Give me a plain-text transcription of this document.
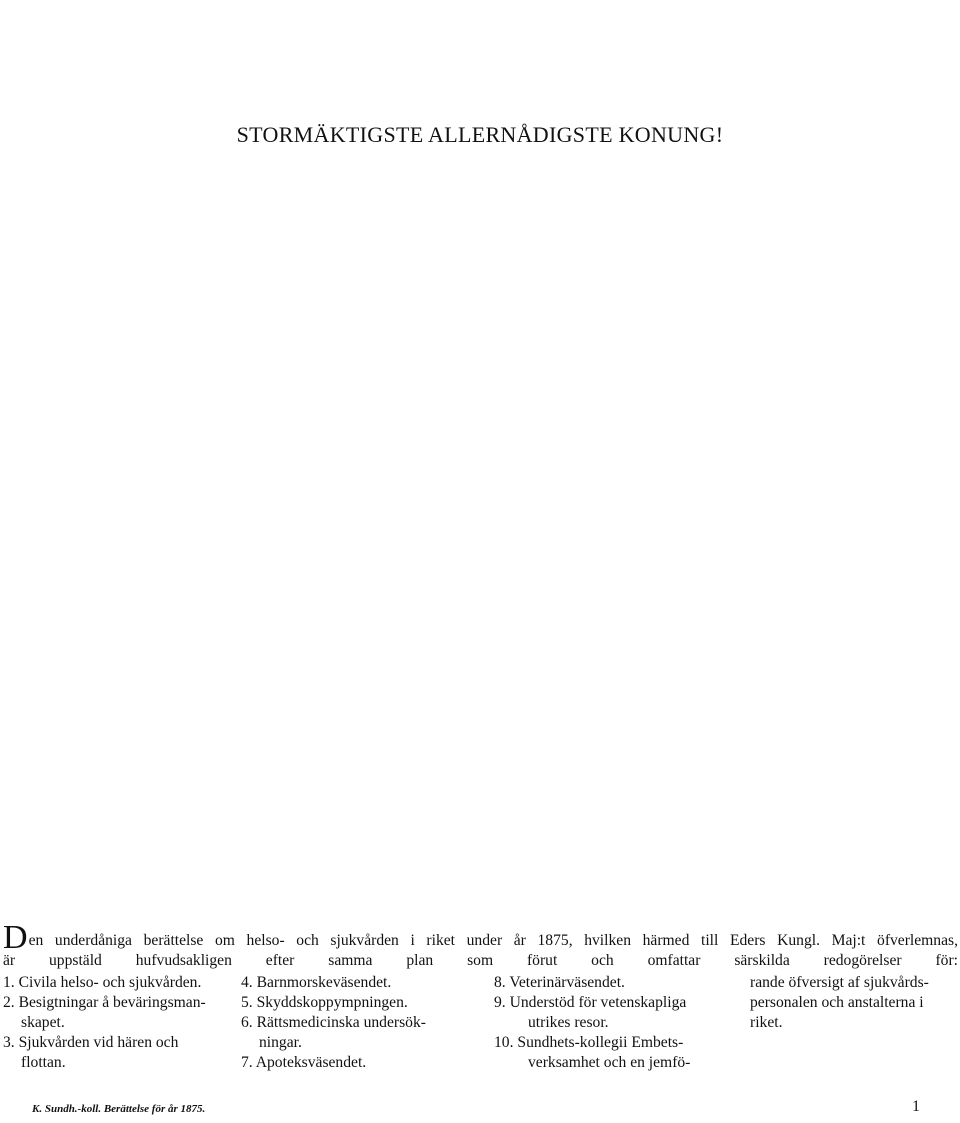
STORMÄKTIGSTE ALLERNÅDIGSTE KONUNG!
Den underdåniga berättelse om helso- och sjukvården i riket under år 1875, hvilken härmed till Eders Kungl. Maj:t öfverlemnas,
är uppstäld hufvudsakligen efter samma plan som förut och omfattar särskilda redogörelser för:
1. Civila helso- och sjukvården.
2. Besigtningar å beväringsman-
skapet.
3. Sjukvården vid hären och
flottan.
4. Barnmorskeväsendet.
5. Skyddskoppympningen.
6. Rättsmedicinska undersök-
ningar.
7. Apoteksväsendet.
8. Veterinärväsendet.
9. Understöd för vetenskapliga
utrikes resor.
10. Sundhets-kollegii Embets-
verksamhet och en jemfö-
rande öfversigt af sjukvårds-
personalen och anstalterna i
riket.
K. Sundh.-koll. Berättelse för år 1875.	1
